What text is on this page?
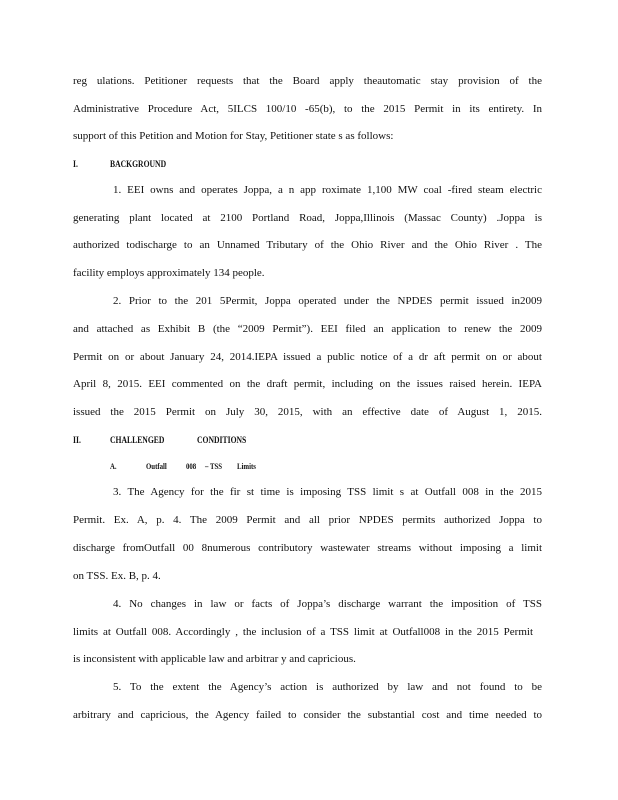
reg ulations. Petitioner requests that the Board apply theautomatic stay provision of the
Administrative Procedure Act, 5ILCS 100/10 -65(b), to the 2015 Permit in its entirety. In
support of this Petition and Motion for Stay, Petitioner state s as follows:
I.	BACKGROUND
1. EEI owns and operates Joppa, a n app roximate 1,100 MW coal -fired steam electric
generating plant located at 2100 Portland Road, Joppa,Illinois (Massac County) .Joppa is
authorized todischarge to an Unnamed Tributary of the Ohio River and the Ohio River . The
facility employs approximately 134 people.
2. Prior to the 201 5Permit, Joppa operated under the NPDES permit issued in2009
and attached as Exhibit B (the “2009 Permit”). EEI filed an application to renew the 2009
Permit on or about January 24, 2014.IEPA issued a public notice of a dr aft permit on or about
April 8, 2015. EEI commented on the draft permit, including on the issues raised herein. IEPA
issued the 2015 Permit on July 30, 2015, with an effective date of August 1, 2015.
II.	CHALLENGED	CONDITIONS
A.	Outfall 008 – TSS Limits
3. The Agency for the fir st time is imposing TSS limit s at Outfall 008 in the 2015
Permit. Ex. A, p. 4. The 2009 Permit and all prior NPDES permits authorized Joppa to
discharge fromOutfall 00 8numerous contributory wastewater streams without imposing a limit
on TSS. Ex. B, p. 4.
4. No changes in law or facts of Joppa’s discharge warrant the imposition of TSS
limits at Outfall 008. Accordingly , the inclusion of a TSS limit at Outfall008 in the 2015 Permit
is inconsistent with applicable law and arbitrar y and capricious.
5. To the extent the Agency’s action is authorized by law and not found to be
arbitrary and capricious, the Agency failed to consider the substantial cost and time needed to
